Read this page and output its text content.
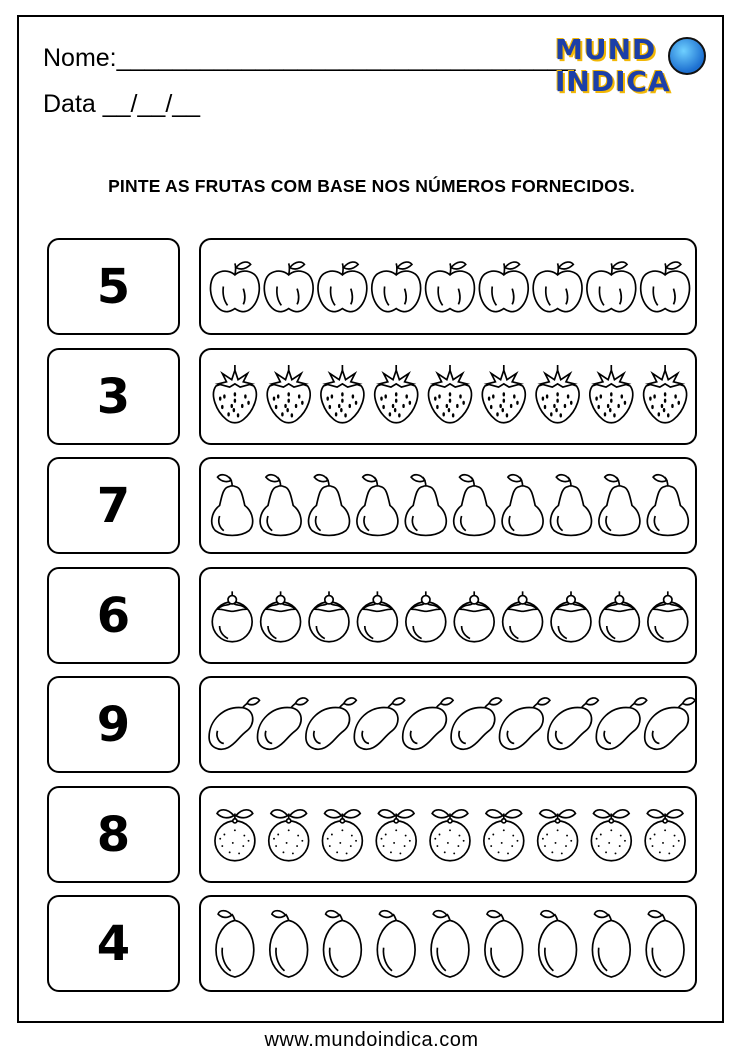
Nome:_________________________________
Data __/__/__
MUND
INDICA
PINTE AS FRUTAS COM BASE NOS NÚMEROS FORNECIDOS.
5
3
7
6
9
8
4
www.mundoindica.com
